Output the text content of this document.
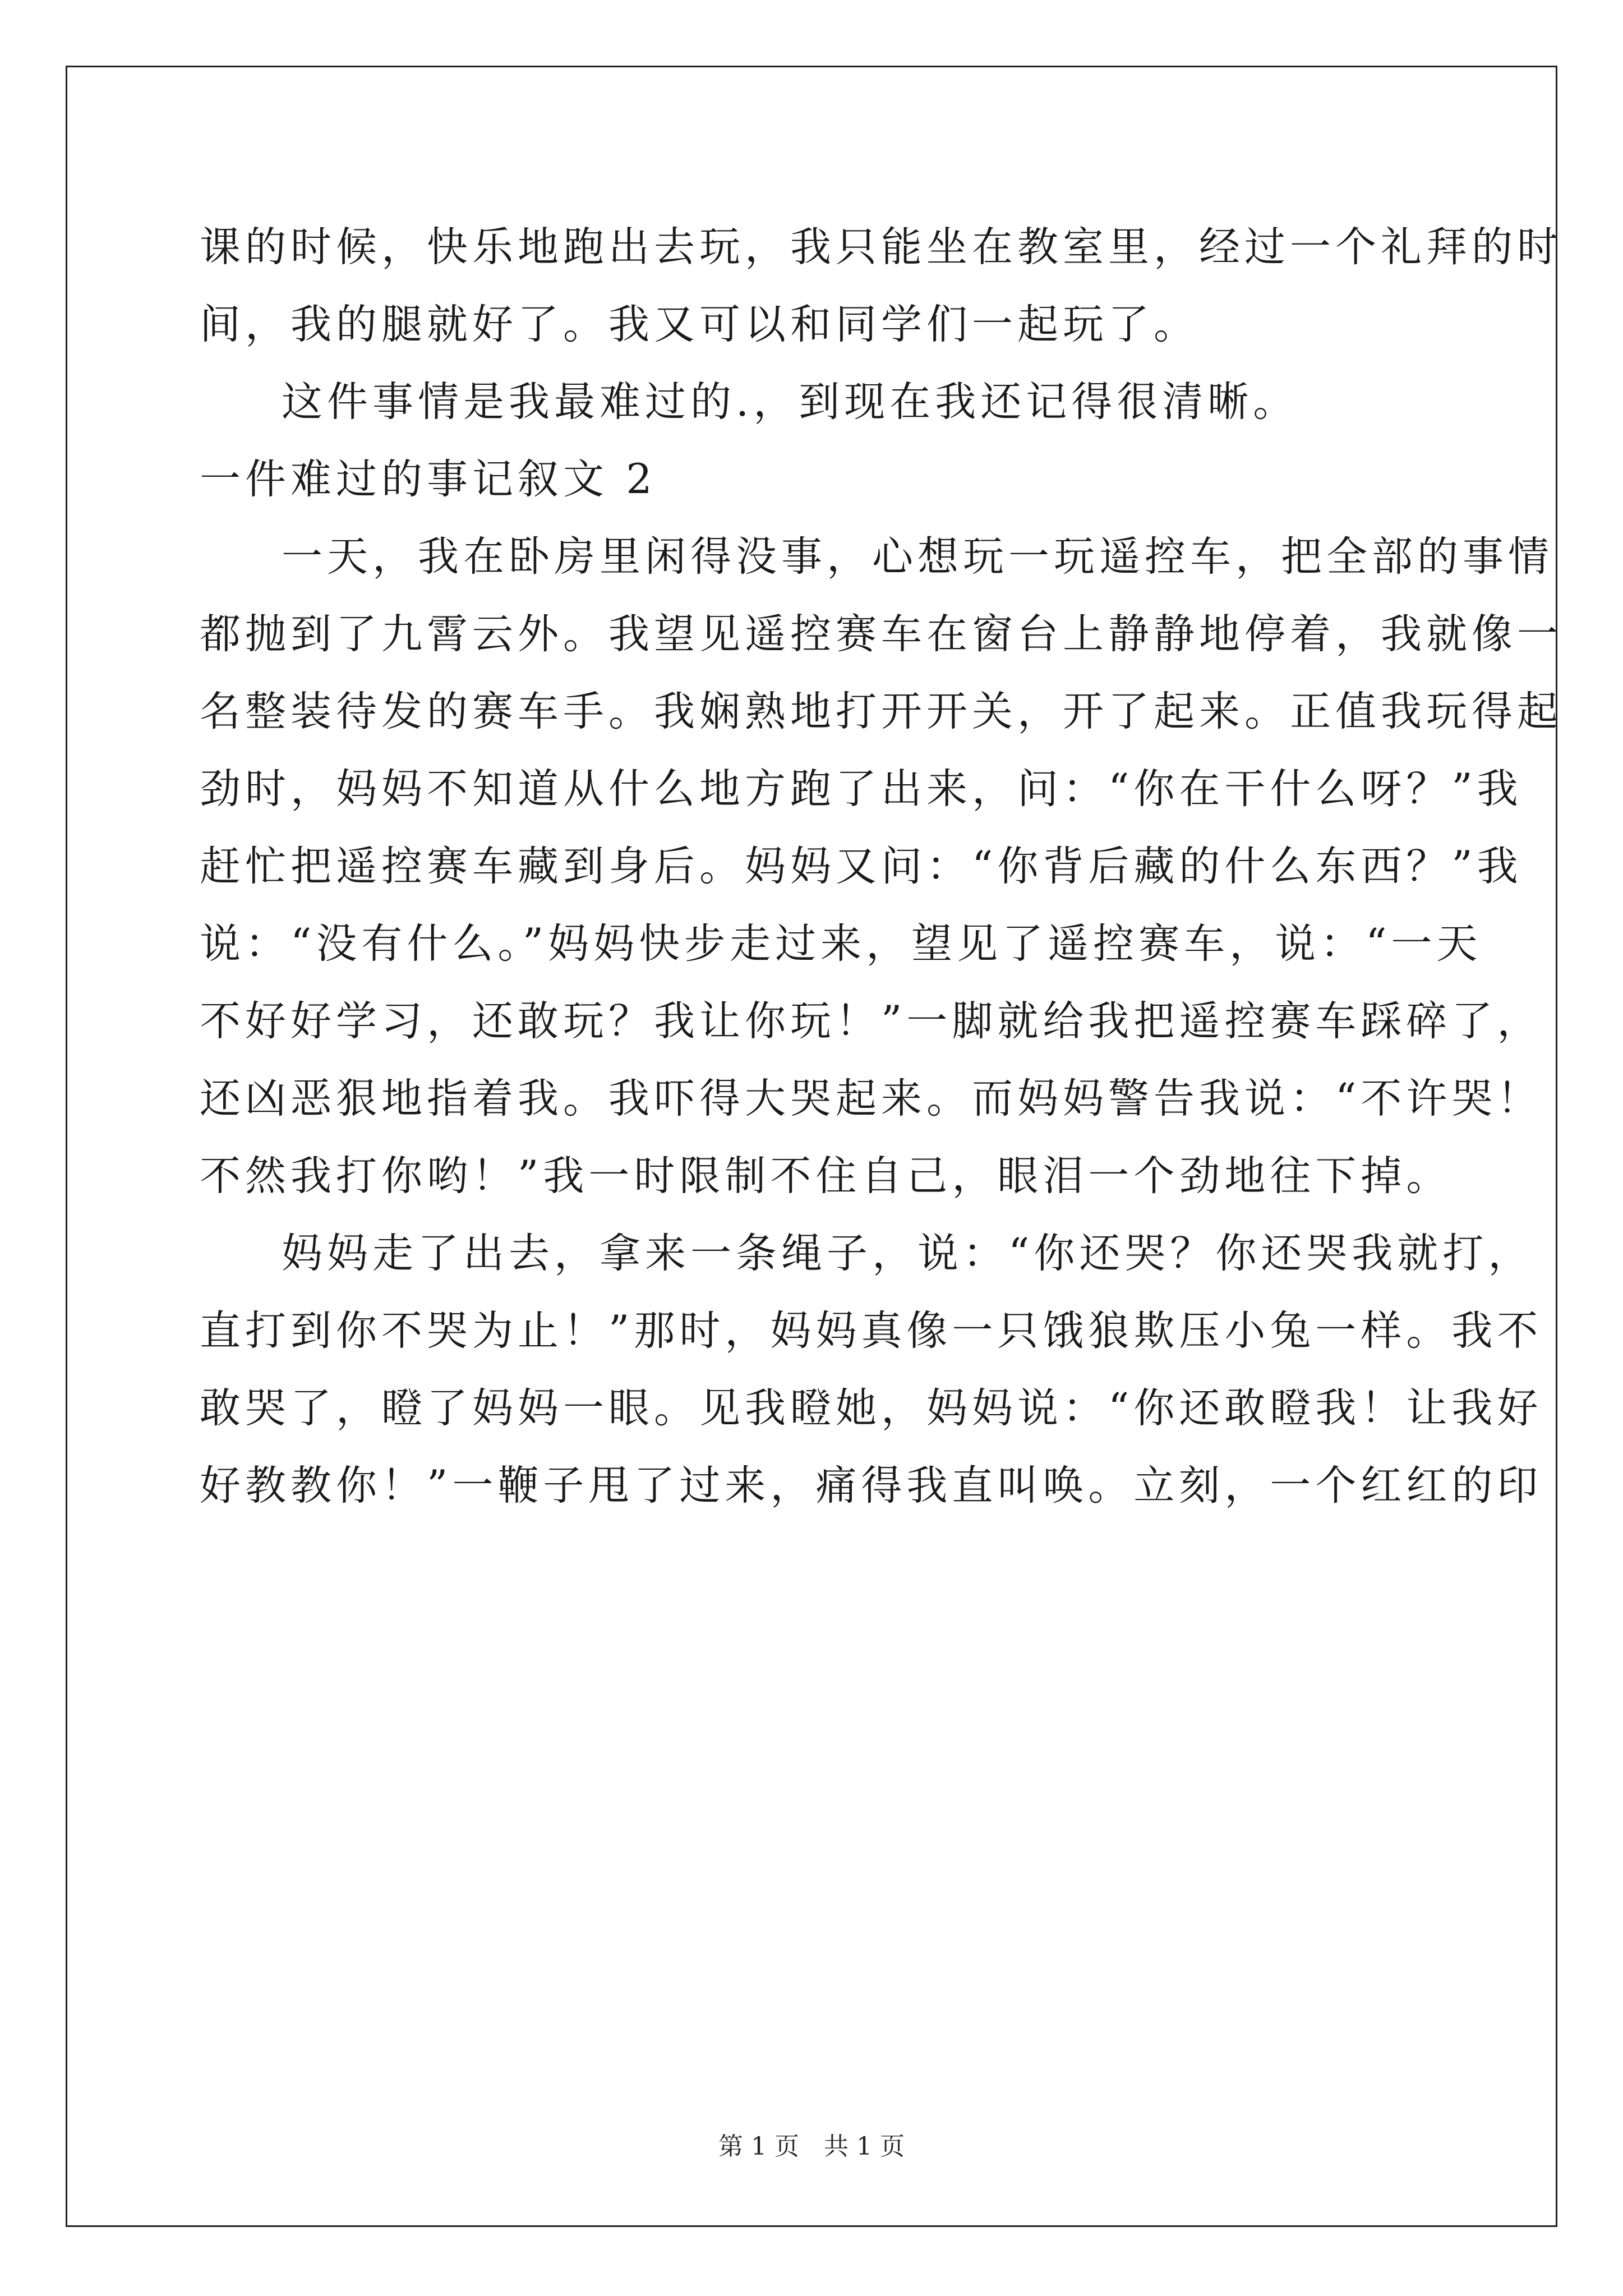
课的时候，快乐地跑出去玩，我只能坐在教室里，经过一个礼拜的时
间，我的腿就好了。我又可以和同学们一起玩了。
这件事情是我最难过的.，到现在我还记得很清晰。
一件难过的事记叙文 2
一天，我在卧房里闲得没事，心想玩一玩遥控车，把全部的事情
都抛到了九霄云外。我望见遥控赛车在窗台上静静地停着，我就像一
名整装待发的赛车手。我娴熟地打开开关，开了起来。正值我玩得起
劲时，妈妈不知道从什么地方跑了出来，问：“你在干什么呀？”我
赶忙把遥控赛车藏到身后。妈妈又问：“你背后藏的什么东西？”我
说：“没有什么。”妈妈快步走过来，望见了遥控赛车，说：“一天
不好好学习，还敢玩？我让你玩！”一脚就给我把遥控赛车踩碎了，
还凶恶狠地指着我。我吓得大哭起来。而妈妈警告我说：“不许哭！
不然我打你哟！”我一时限制不住自己，眼泪一个劲地往下掉。
妈妈走了出去，拿来一条绳子，说：“你还哭？你还哭我就打，
直打到你不哭为止！”那时，妈妈真像一只饿狼欺压小兔一样。我不
敢哭了，瞪了妈妈一眼。见我瞪她，妈妈说：“你还敢瞪我！让我好
好教教你！”一鞭子甩了过来，痛得我直叫唤。立刻，一个红红的印
第 1 页　共 1 页
